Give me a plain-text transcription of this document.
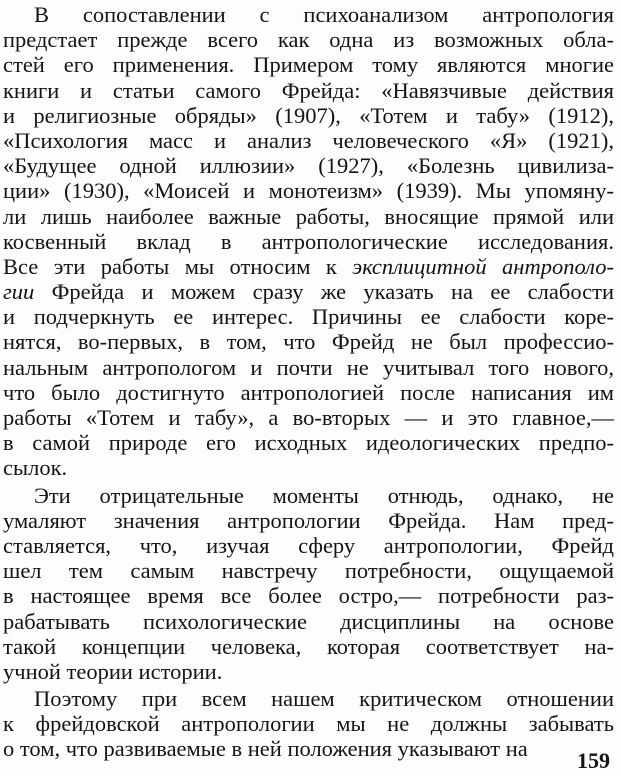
В сопоставлении с психоанализом антропология
предстает прежде всего как одна из возможных обла-
стей его применения. Примером тому являются многие
книги и статьи самого Фрейда: «Навязчивые действия
и религиозные обряды» (1907), «Тотем и табу» (1912),
«Психология масс и анализ человеческого «Я» (1921),
«Будущее одной иллюзии» (1927), «Болезнь цивилиза-
ции» (1930), «Моисей и монотеизм» (1939). Мы упомяну-
ли лишь наиболее важные работы, вносящие прямой или
косвенный вклад в антропологические исследования.
Все эти работы мы относим к эксплицитной антрополо-
гии Фрейда и можем сразу же указать на ее слабости
и подчеркнуть ее интерес. Причины ее слабости коре-
нятся, во-первых, в том, что Фрейд не был профессио-
нальным антропологом и почти не учитывал того нового,
что было достигнуто антропологией после написания им
работы «Тотем и табу», а во-вторых — и это главное,—
в самой природе его исходных идеологических предпо-
сылок.
Эти отрицательные моменты отнюдь, однако, не
умаляют значения антропологии Фрейда. Нам пред-
ставляется, что, изучая сферу антропологии, Фрейд
шел тем самым навстречу потребности, ощущаемой
в настоящее время все более остро,— потребности раз-
рабатывать психологические дисциплины на основе
такой концепции человека, которая соответствует на-
учной теории истории.
Поэтому при всем нашем критическом отношении
к фрейдовской антропологии мы не должны забывать
о том, что развиваемые в ней положения указывают на	159
